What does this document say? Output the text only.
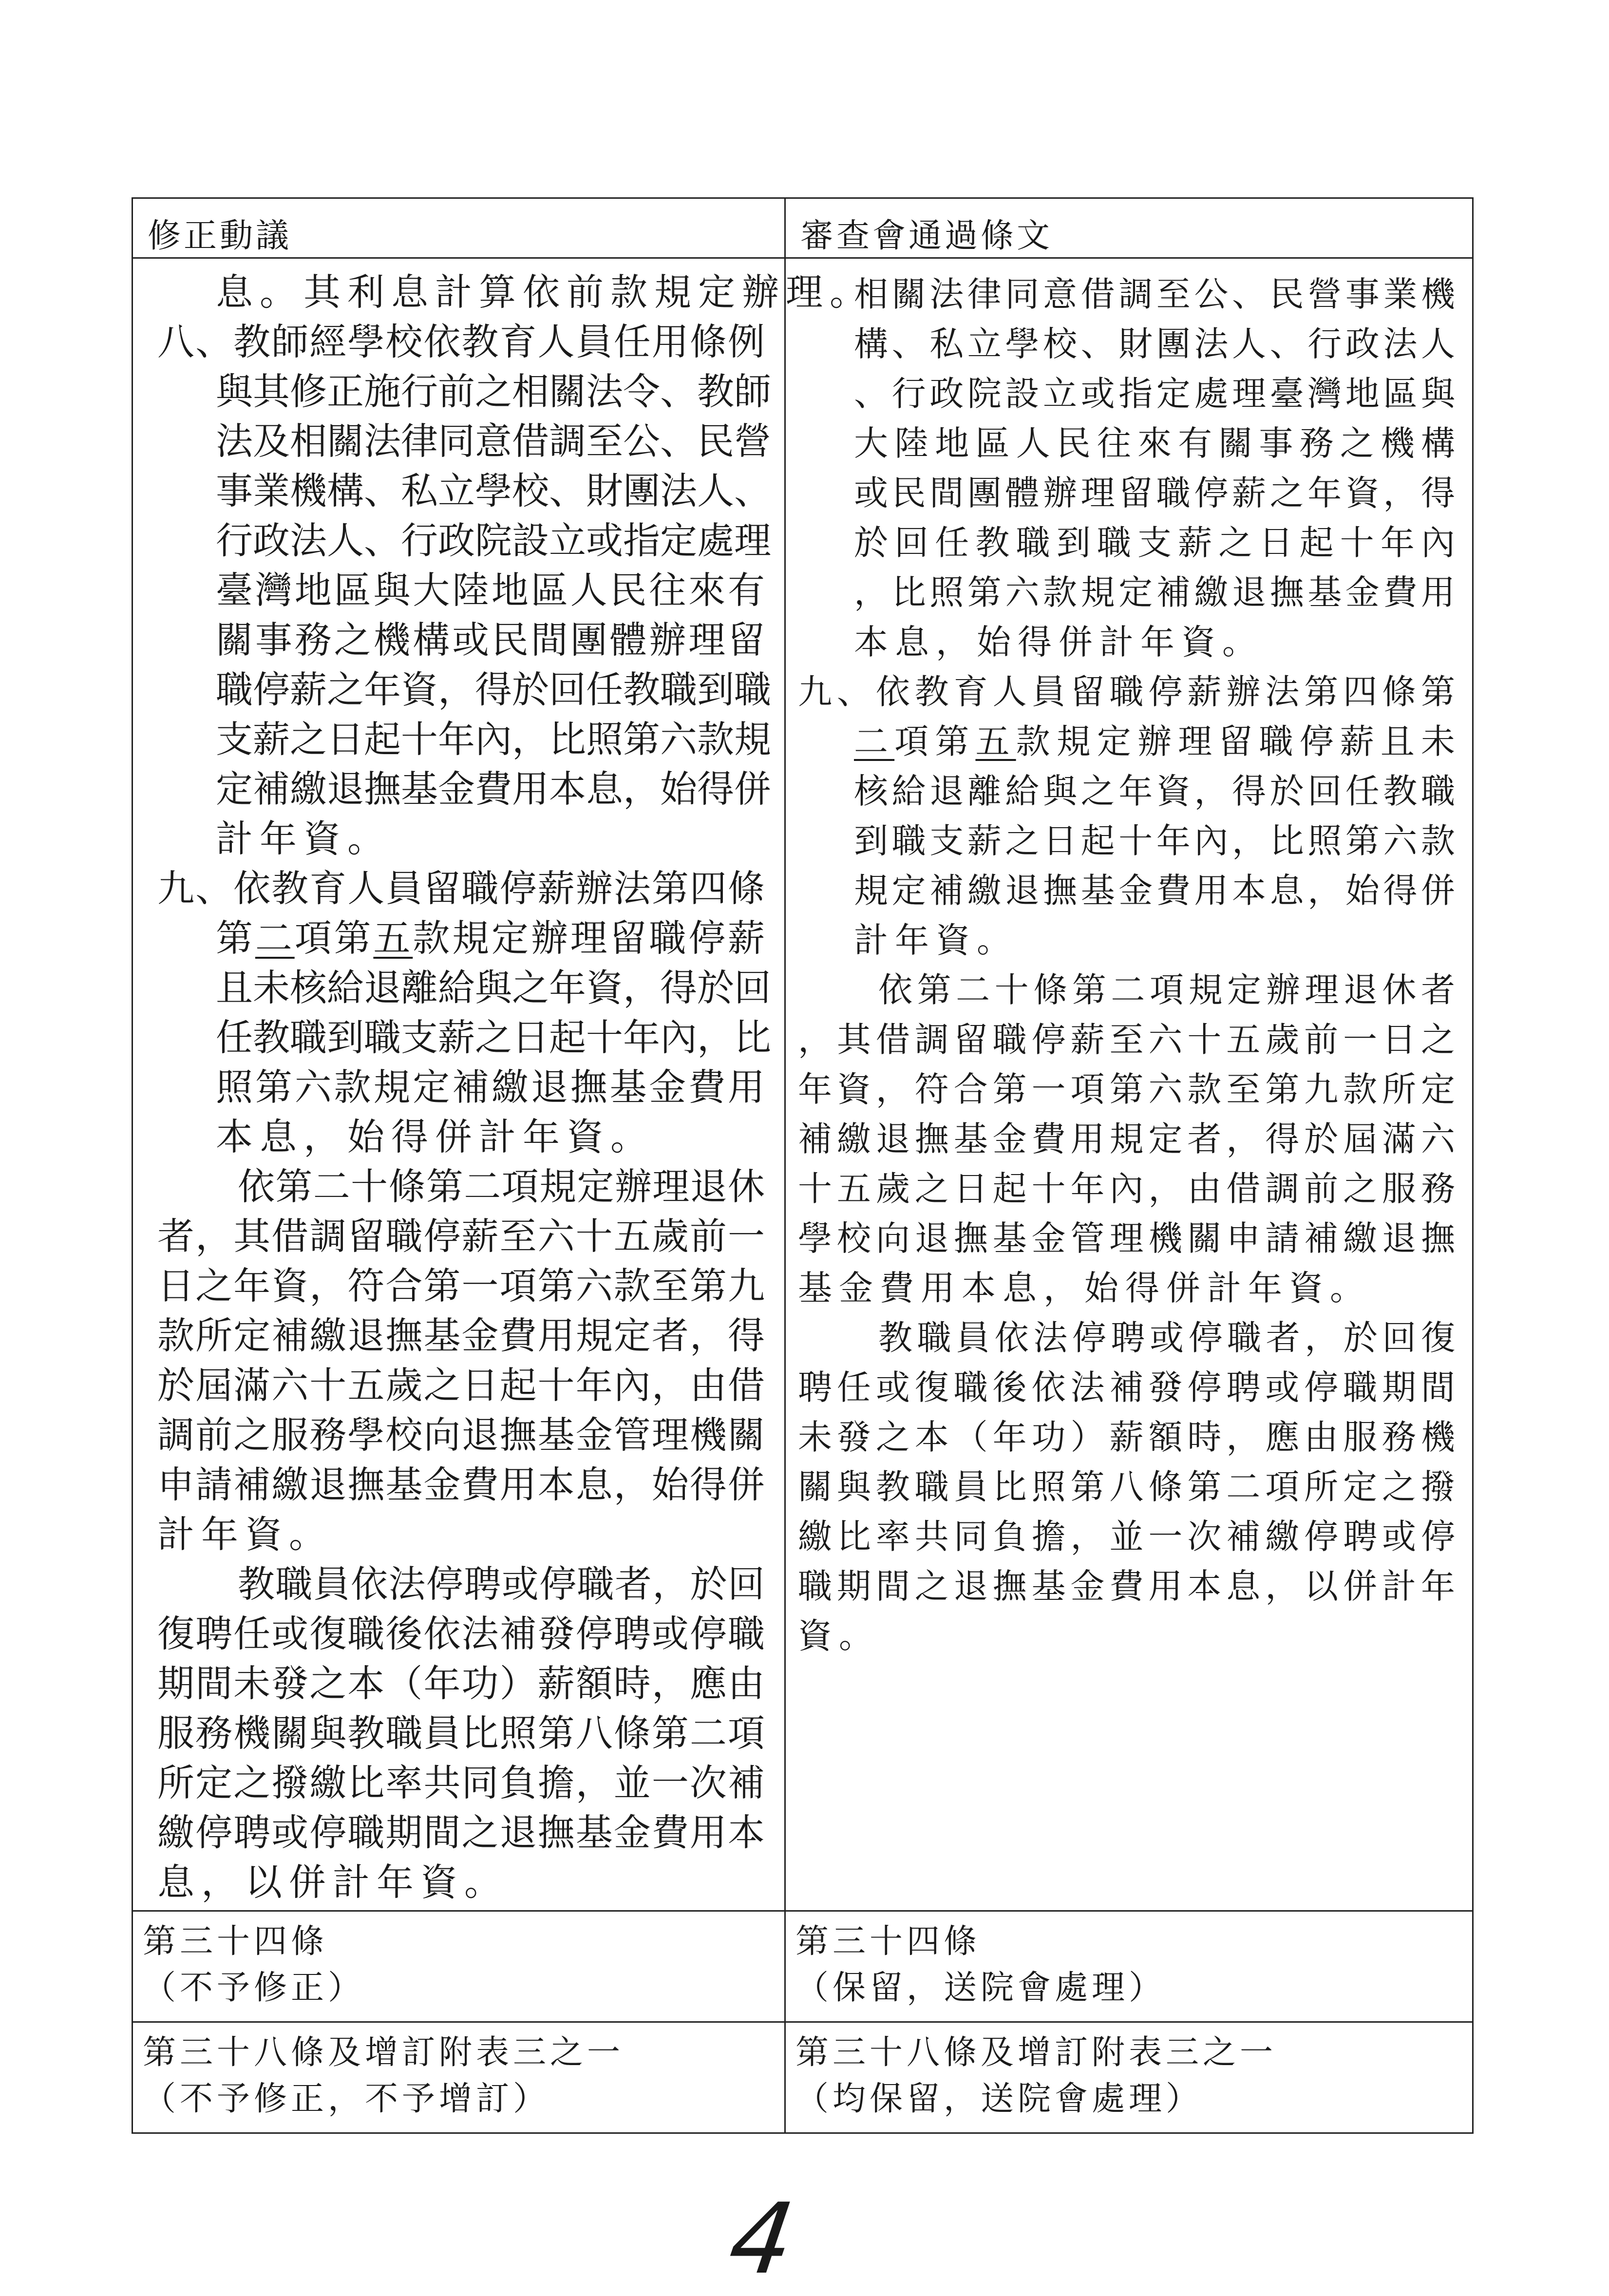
修正動議	審查會通過條文
息。其利息計算依前款規定辦理。
八、教師經學校依教育人員任用條例
與其修正施行前之相關法令、教師
法及相關法律同意借調至公、民營
事業機構、私立學校、財團法人、
行政法人、行政院設立或指定處理
臺灣地區與大陸地區人民往來有
關事務之機構或民間團體辦理留
職停薪之年資，得於回任教職到職
支薪之日起十年內，比照第六款規
定補繳退撫基金費用本息，始得併
計年資。
九、依教育人員留職停薪辦法第四條
第二項第五款規定辦理留職停薪
且未核給退離給與之年資，得於回
任教職到職支薪之日起十年內，比
照第六款規定補繳退撫基金費用
本息，始得併計年資。
依第二十條第二項規定辦理退休
者，其借調留職停薪至六十五歲前一
日之年資，符合第一項第六款至第九
款所定補繳退撫基金費用規定者，得
於屆滿六十五歲之日起十年內，由借
調前之服務學校向退撫基金管理機關
申請補繳退撫基金費用本息，始得併
計年資。
教職員依法停聘或停職者，於回
復聘任或復職後依法補發停聘或停職
期間未發之本（年功）薪額時，應由
服務機關與教職員比照第八條第二項
所定之撥繳比率共同負擔，並一次補
繳停聘或停職期間之退撫基金費用本
息，以併計年資。
相關法律同意借調至公、民營事業機
構、私立學校、財團法人、行政法人
、行政院設立或指定處理臺灣地區與
大陸地區人民往來有關事務之機構
或民間團體辦理留職停薪之年資，得
於回任教職到職支薪之日起十年內
，比照第六款規定補繳退撫基金費用
本息，始得併計年資。
九、依教育人員留職停薪辦法第四條第
二項第五款規定辦理留職停薪且未
核給退離給與之年資，得於回任教職
到職支薪之日起十年內，比照第六款
規定補繳退撫基金費用本息，始得併
計年資。
依第二十條第二項規定辦理退休者
，其借調留職停薪至六十五歲前一日之
年資，符合第一項第六款至第九款所定
補繳退撫基金費用規定者，得於屆滿六
十五歲之日起十年內，由借調前之服務
學校向退撫基金管理機關申請補繳退撫
基金費用本息，始得併計年資。
教職員依法停聘或停職者，於回復
聘任或復職後依法補發停聘或停職期間
未發之本（年功）薪額時，應由服務機
關與教職員比照第八條第二項所定之撥
繳比率共同負擔，並一次補繳停聘或停
職期間之退撫基金費用本息，以併計年
資。
第三十四條
（不予修正）
第三十四條
（保留，送院會處理）
第三十八條及增訂附表三之一
（不予修正，不予增訂）
第三十八條及增訂附表三之一
（均保留，送院會處理）
4
